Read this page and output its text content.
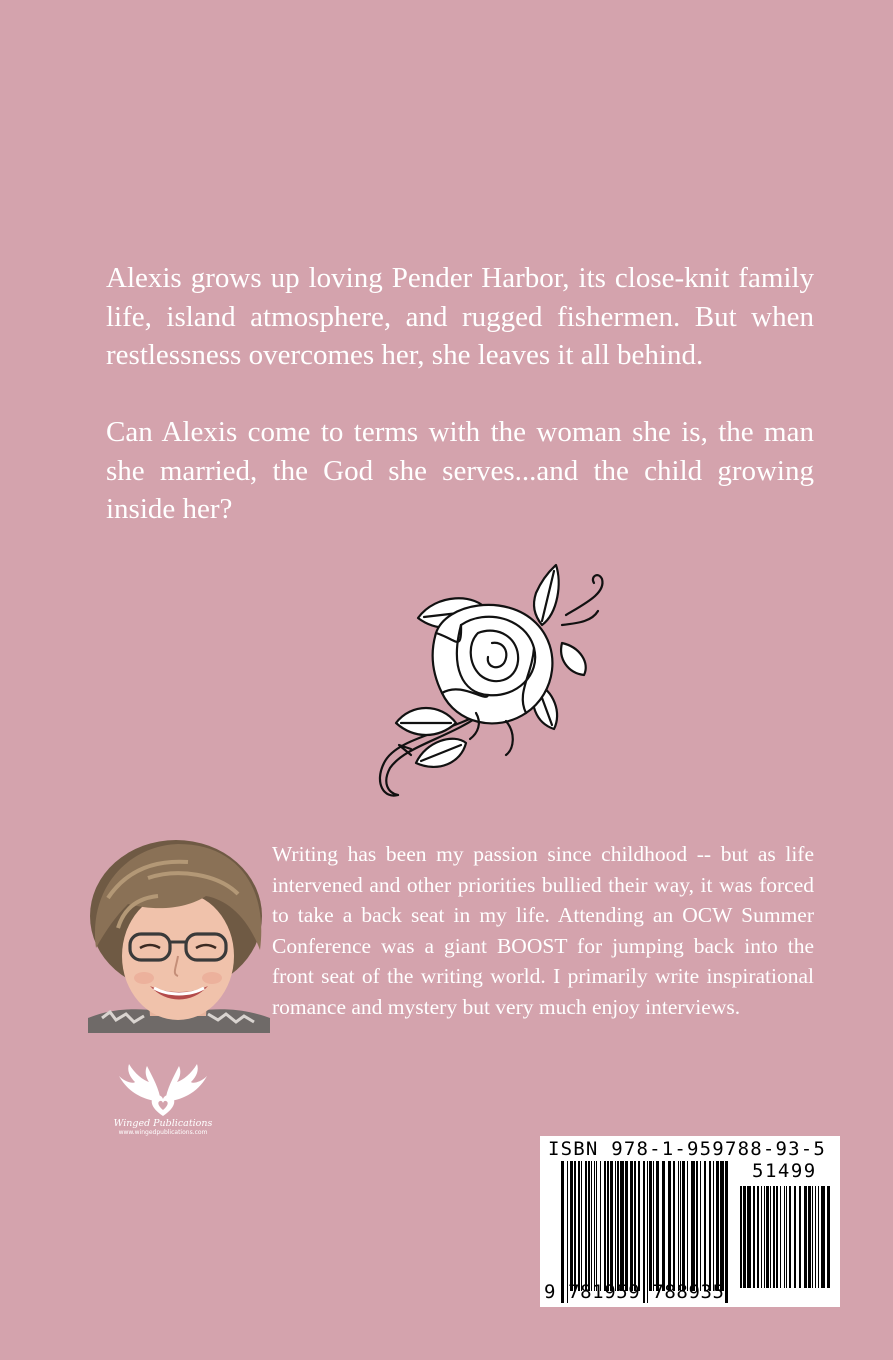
Alexis grows up loving Pender Harbor, its close-knit family life, island atmosphere, and rugged fishermen. But when restlessness overcomes her, she leaves it all behind.

Can Alexis come to terms with the woman she is, the man she married, the God she serves...and the child growing inside her?

Writing has been my passion since childhood -- but as life intervened and other priorities bullied their way, it was forced to take a back seat in my life. Attending an OCW Summer Conference was a giant BOOST for jumping back into the front seat of the writing world. I primarily write inspirational romance and mystery but very much enjoy interviews.

Winged Publications
www.wingedpublications.com
ISBN 978-1-959788-93-5
51499
9 781959 788935
